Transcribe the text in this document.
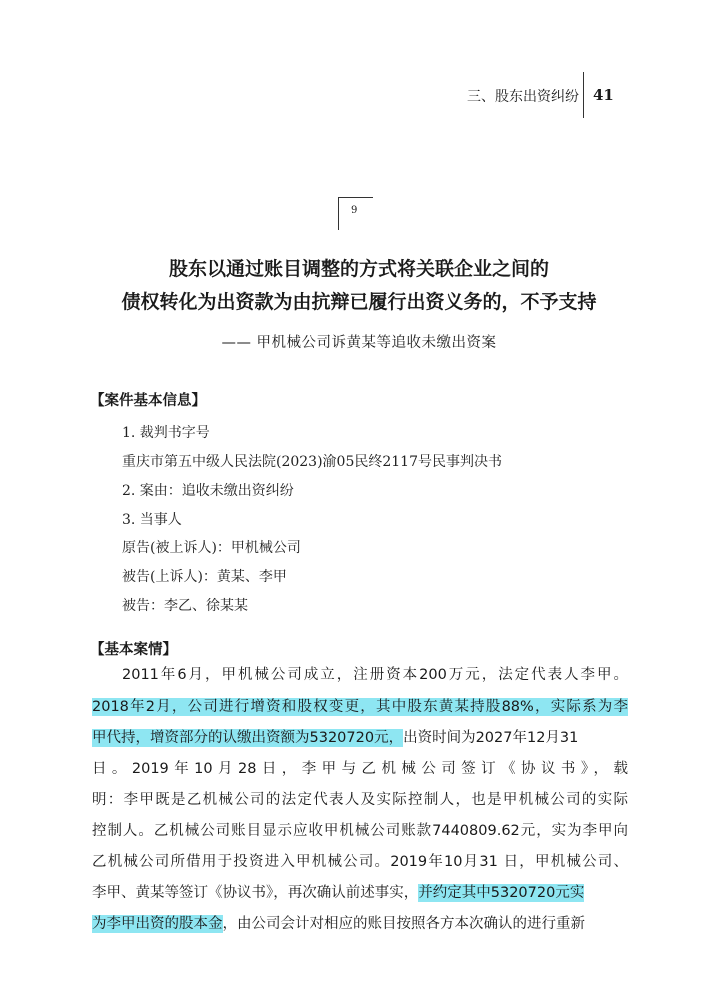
三、股东出资纠纷 41
9
股东以通过账目调整的方式将关联企业之间的
债权转化为出资款为由抗辩已履行出资义务的，不予支持
—— 甲机械公司诉黄某等追收未缴出资案
【案件基本信息】
1. 裁判书字号
重庆市第五中级人民法院(2023)渝05民终2117号民事判决书
2. 案由：追收未缴出资纠纷
3. 当事人
原告(被上诉人)：甲机械公司
被告(上诉人)：黄某、李甲
被告：李乙、徐某某
【基本案情】
2011年6月，甲机械公司成立，注册资本200万元，法定代表人李甲。
2018年2月，公司进行增资和股权变更，其中股东黄某持股88%，实际系为李
甲代持，增资部分的认缴出资额为5320720元，出资时间为2027年12月31
日。2019年10月28日，李甲与乙机械公司签订《协议书》，载
明：李甲既是乙机械公司的法定代表人及实际控制人，也是甲机械公司的实际
控制人。乙机械公司账目显示应收甲机械公司账款7440809.62元，实为李甲向
乙机械公司所借用于投资进入甲机械公司。2019年10月31 日，甲机械公司、
李甲、黄某等签订《协议书》，再次确认前述事实，并约定其中5320720元实
为李甲出资的股本金，由公司会计对相应的账目按照各方本次确认的进行重新
